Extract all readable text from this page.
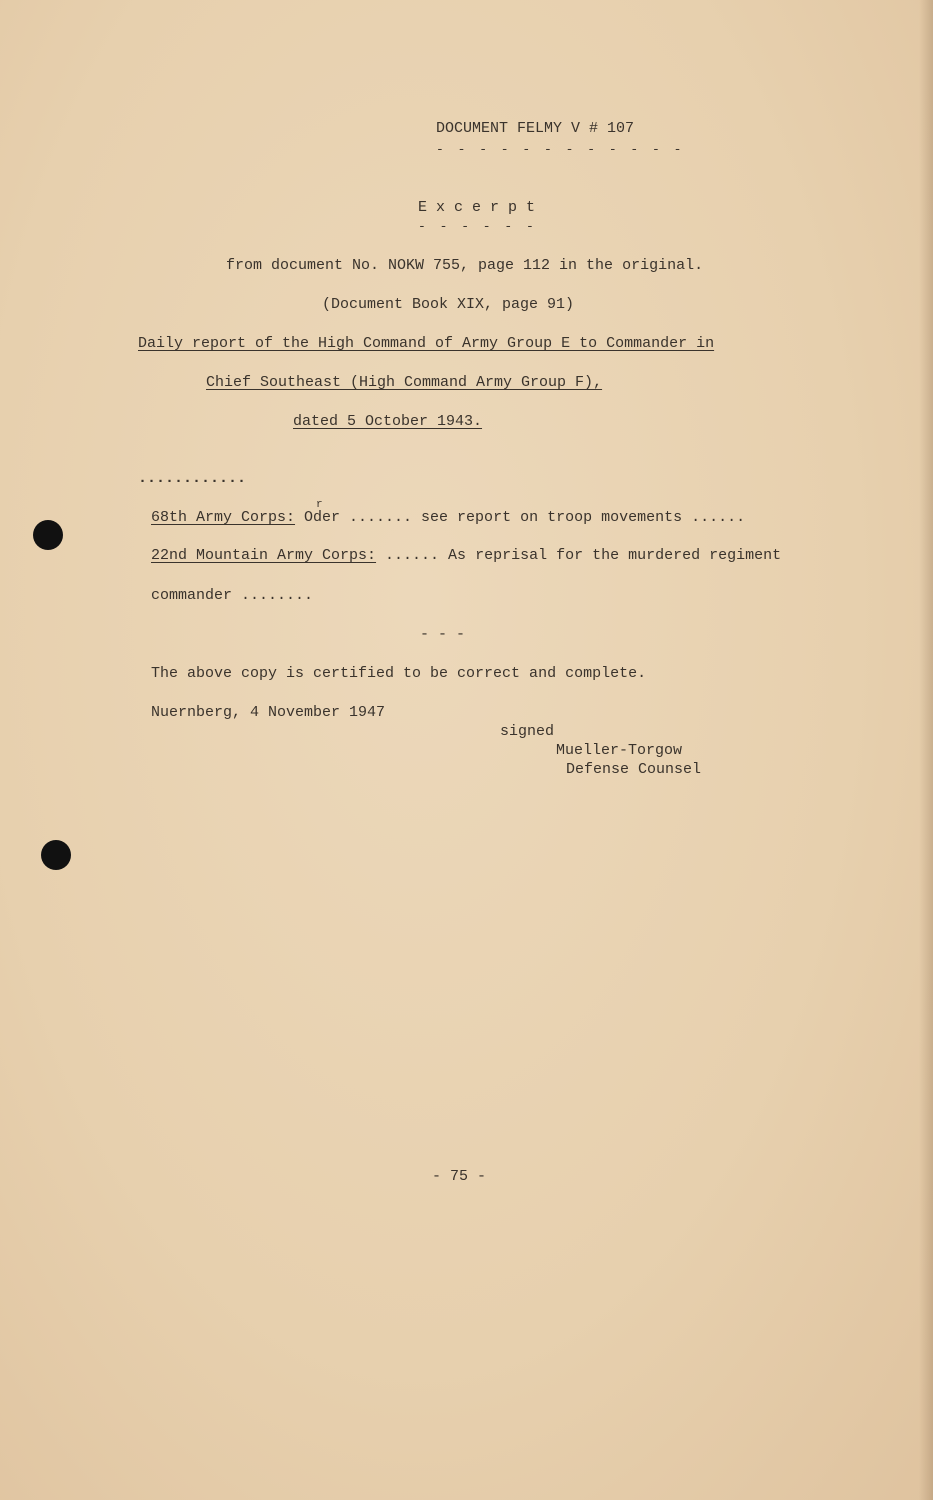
DOCUMENT FELMY V # 107
- - - - - - - - - - - -
E x c e r p t
- - - - - -
from document No. NOKW 755, page 112 in the original.
(Document Book XIX, page 91)
Daily report of the High Command of Army Group E to Commander in
Chief Southeast (High Command Army Group F),
dated 5 October 1943.
............
r
68th Army Corps: Oder ....... see report on troop movements ......
22nd Mountain Army Corps: ...... As reprisal for the murdered regiment
commander ........
- - -
The above copy is certified to be correct and complete.
Nuernberg, 4 November 1947
signed
Mueller-Torgow
Defense Counsel
- 75 -
